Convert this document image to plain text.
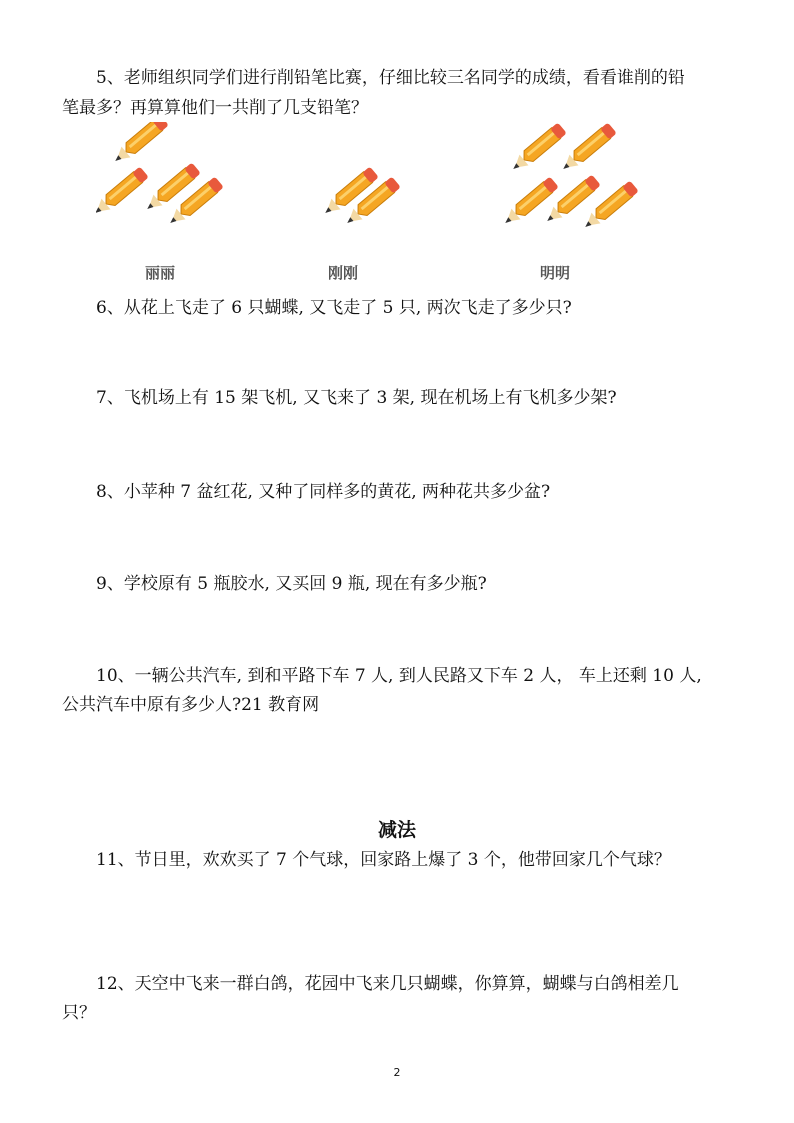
5、老师组织同学们进行削铅笔比赛，仔细比较三名同学的成绩，看看谁削的铅
笔最多？再算算他们一共削了几支铅笔？
丽丽	刚刚	明明
6、从花上飞走了 6 只蝴蝶, 又飞走了 5 只, 两次飞走了多少只?
7、飞机场上有 15 架飞机, 又飞来了 3 架, 现在机场上有飞机多少架?
8、小苹种 7 盆红花, 又种了同样多的黄花, 两种花共多少盆?
9、学校原有 5 瓶胶水, 又买回 9 瓶, 现在有多少瓶?
10、一辆公共汽车, 到和平路下车 7 人, 到人民路又下车 2 人， 车上还剩 10 人,
公共汽车中原有多少人?21 教育网
减法
11、节日里，欢欢买了 7 个气球，回家路上爆了 3 个，他带回家几个气球？
12、天空中飞来一群白鸽，花园中飞来几只蝴蝶，你算算，蝴蝶与白鸽相差几
只？
2
